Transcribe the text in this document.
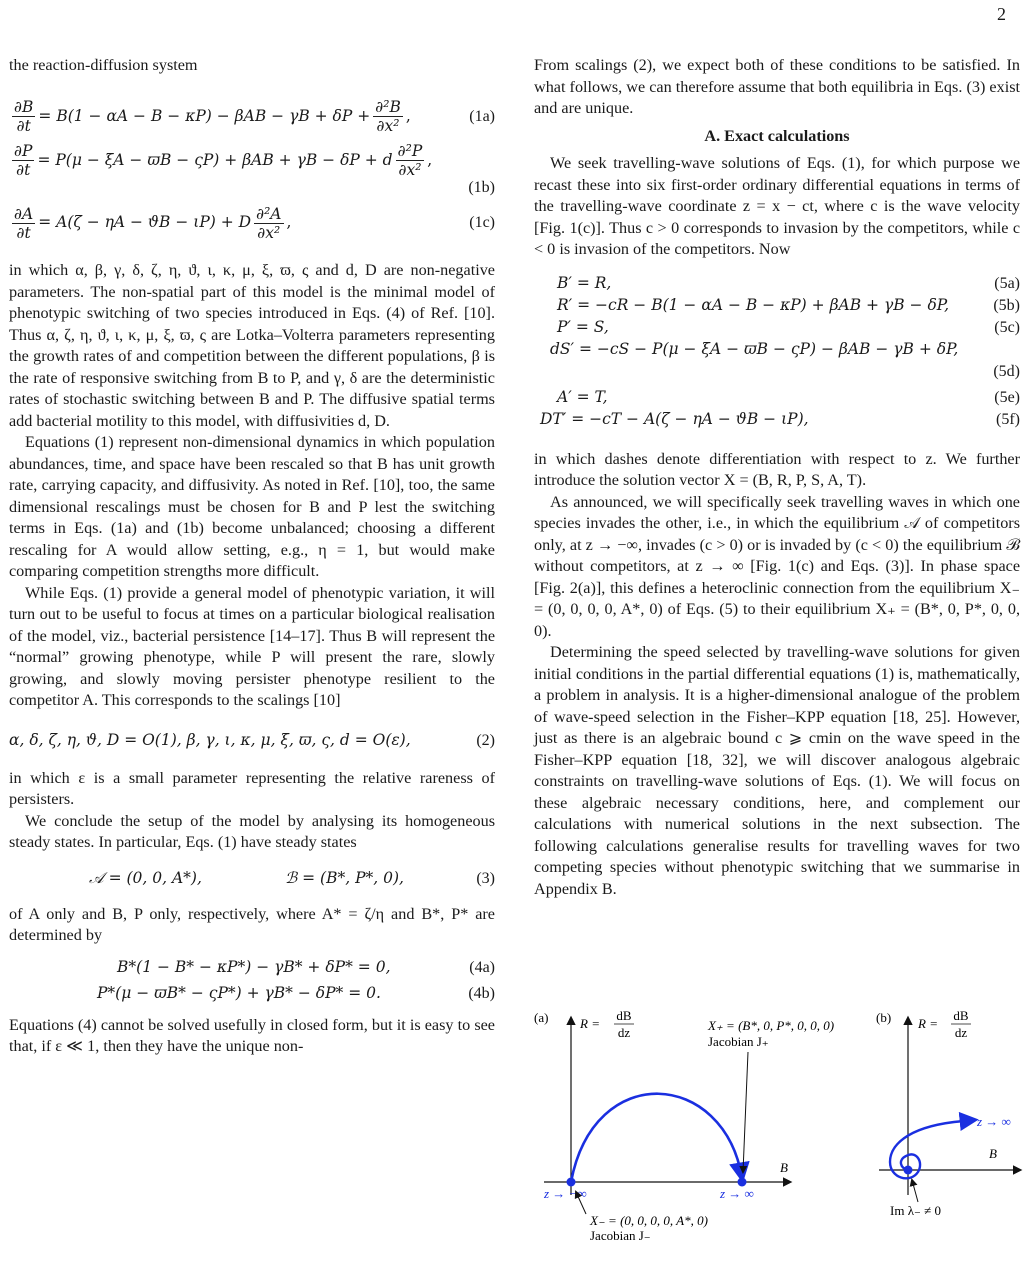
2

the reaction-diffusion system

$\frac{\partial B}{\partial t} = B(1 - \alpha A - B - \kappa P) - \beta AB - \gamma B + \delta P + \frac{\text{∂²B}}{\text{∂x²}}$ ,	(1a)
$\frac{\partial P}{\partial t} = P(\mu - \xi A - ϖB - \varsigma P) + \beta AB + \gamma B - \delta P + d \frac{\text{∂²P}}{\text{∂x²}}$ ,
(1b)
$\frac{\partial A}{\partial t} = A(\zeta - \eta A - ϑB - \iota P) + D \frac{\text{∂²A}}{\text{∂x²}}$ ,	(1c)

in which α, β, γ, δ, ζ, η, ϑ, ι, κ, μ, ξ, ϖ, ς and d, D are non-negative parameters. The non-spatial part of this model is the minimal model of phenotypic switching of two species introduced in Eqs. (4) of Ref. [10]. Thus α, ζ, η, ϑ, ι, κ, μ, ξ, ϖ, ς are Lotka–Volterra parameters representing the growth rates of and competition between the different populations, β is the rate of responsive switching from B to P, and γ, δ are the deterministic rates of stochastic switching between B and P. The diffusive spatial terms add bacterial motility to this model, with diffusivities d, D.

Equations (1) represent non-dimensional dynamics in which population abundances, time, and space have been rescaled so that B has unit growth rate, carrying capacity, and diffusivity. As noted in Ref. [10], too, the same dimensional rescalings must be chosen for B and P lest the switching terms in Eqs. (1a) and (1b) become unbalanced; choosing a different rescaling for A would allow setting, e.g., η = 1, but would make comparing competition strengths more difficult.

While Eqs. (1) provide a general model of phenotypic variation, it will turn out to be useful to focus at times on a particular biological realisation of the model, viz., bacterial persistence [14–17]. Thus B will represent the “normal” growing phenotype, while P will present the rare, slowly growing, and slowly moving persister phenotype resilient to the competitor A. This corresponds to the scalings [10]

α, δ, ζ, η, ϑ, D = O(1), β, γ, ι, κ, μ, ξ, ϖ, ς, d = O(ε),	(2)

in which ε is a small parameter representing the relative rareness of persisters.

We conclude the setup of the model by analysing its homogeneous steady states. In particular, Eqs. (1) have steady states

𝒜 = (0, 0, A*),	ℬ = (B*, P*, 0),	(3)

of A only and B, P only, respectively, where A* = ζ/η and B*, P* are determined by

B*(1 − B* − κP*) − γB* + δP* = 0,	(4a)
P*(μ − ϖB* − ςP*) + γB* − δP* = 0.	(4b)

Equations (4) cannot be solved usefully in closed form, but it is easy to see that, if ε ≪ 1, then they have the unique non-

From scalings (2), we expect both of these conditions to be satisfied. In what follows, we can therefore assume that both equilibria in Eqs. (3) exist and are unique.

A. Exact calculations

We seek travelling-wave solutions of Eqs. (1), for which purpose we recast these into six first-order ordinary differential equations in terms of the travelling-wave coordinate z = x − ct, where c is the wave velocity [Fig. 1(c)]. Thus c > 0 corresponds to invasion by the competitors, while c < 0 is invasion of the competitors. Now

B′ = R,	(5a)
R′ = −cR − B(1 − αA − B − κP) + βAB + γB − δP,	(5b)
P′ = S,	(5c)
dS′ = −cS − P(μ − ξA − ϖB − ςP) − βAB − γB + δP,
(5d)
A′ = T,	(5e)
DT′ = −cT − A(ζ − ηA − ϑB − ιP),	(5f)

in which dashes denote differentiation with respect to z. We further introduce the solution vector X = (B, R, P, S, A, T).

As announced, we will specifically seek travelling waves in which one species invades the other, i.e., in which the equilibrium 𝒜 of competitors only, at z → −∞, invades (c > 0) or is invaded by (c < 0) the equilibrium ℬ without competitors, at z → ∞ [Fig. 1(c) and Eqs. (3)]. In phase space [Fig. 2(a)], this defines a heteroclinic connection from the equilibrium X₋ = (0, 0, 0, 0, A*, 0) of Eqs. (5) to their equilibrium X₊ = (B*, 0, P*, 0, 0, 0).

Determining the speed selected by travelling-wave solutions for given initial conditions in the partial differential equations (1) is, mathematically, a problem in analysis. It is a higher-dimensional analogue of the problem of wave-speed selection in the Fisher–KPP equation [18, 25]. However, just as there is an algebraic bound c ⩾ cmin on the wave speed in the Fisher–KPP equation [18, 32], we will discover analogous algebraic constraints on travelling-wave solutions of Eqs. (1). We will focus on these algebraic necessary conditions, here, and complement our calculations with numerical solutions in the next subsection. The following calculations generalise results for travelling waves for two competing species without phenotypic switching that we summarise in Appendix B.

(a) R =
dB
dz
B
z → −∞	z → ∞
X₊ = (B*, 0, P*, 0, 0, 0)
Jacobian J₊
X₋ = (0, 0, 0, 0, A*, 0)
Jacobian J₋
(b) R =
dB
dz
B
z → ∞
Im λ₋ ≠ 0
